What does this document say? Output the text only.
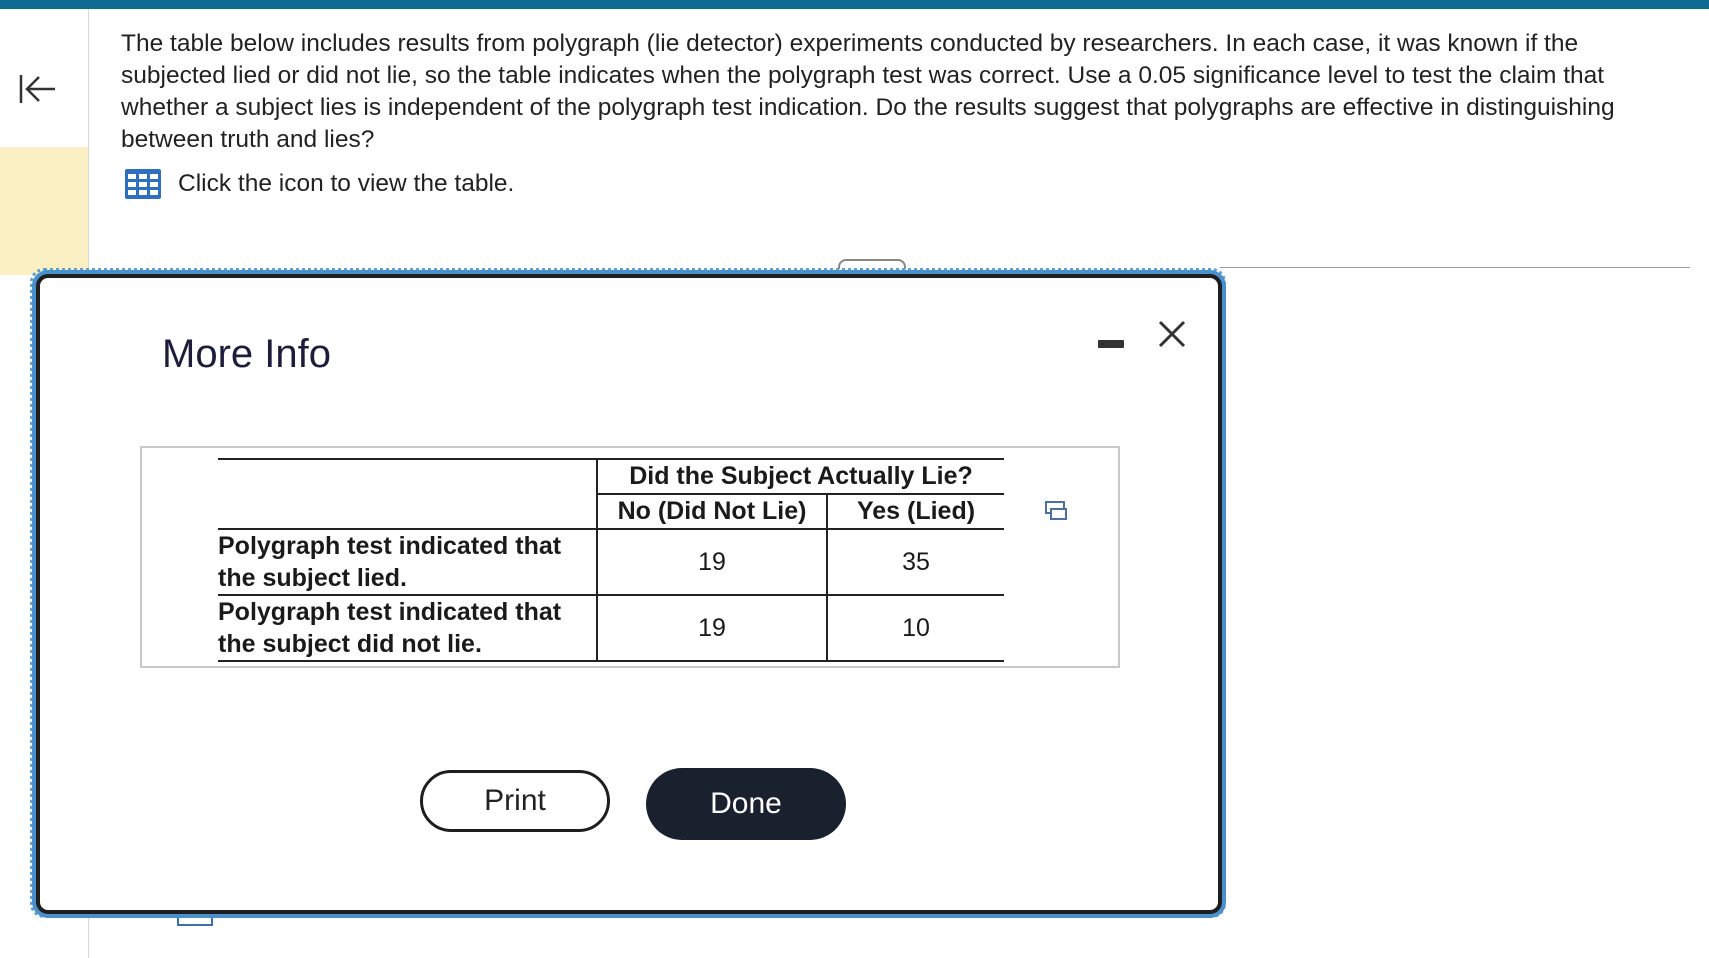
The table below includes results from polygraph (lie detector) experiments conducted by researchers. In each case, it was known if the subjected lied or did not lie, so the table indicates when the polygraph test was correct. Use a 0.05 significance level to test the claim that whether a subject lies is independent of the polygraph test indication. Do the results suggest that polygraphs are effective in distinguishing between truth and lies?
Click the icon to view the table.
More Info
	Did the Subject Actually Lie?	
	No (Did Not Lie)	Yes (Lied)
Polygraph test indicated that the subject lied.	19	35
Polygraph test indicated that the subject did not lie.	19	10
Print	Done
